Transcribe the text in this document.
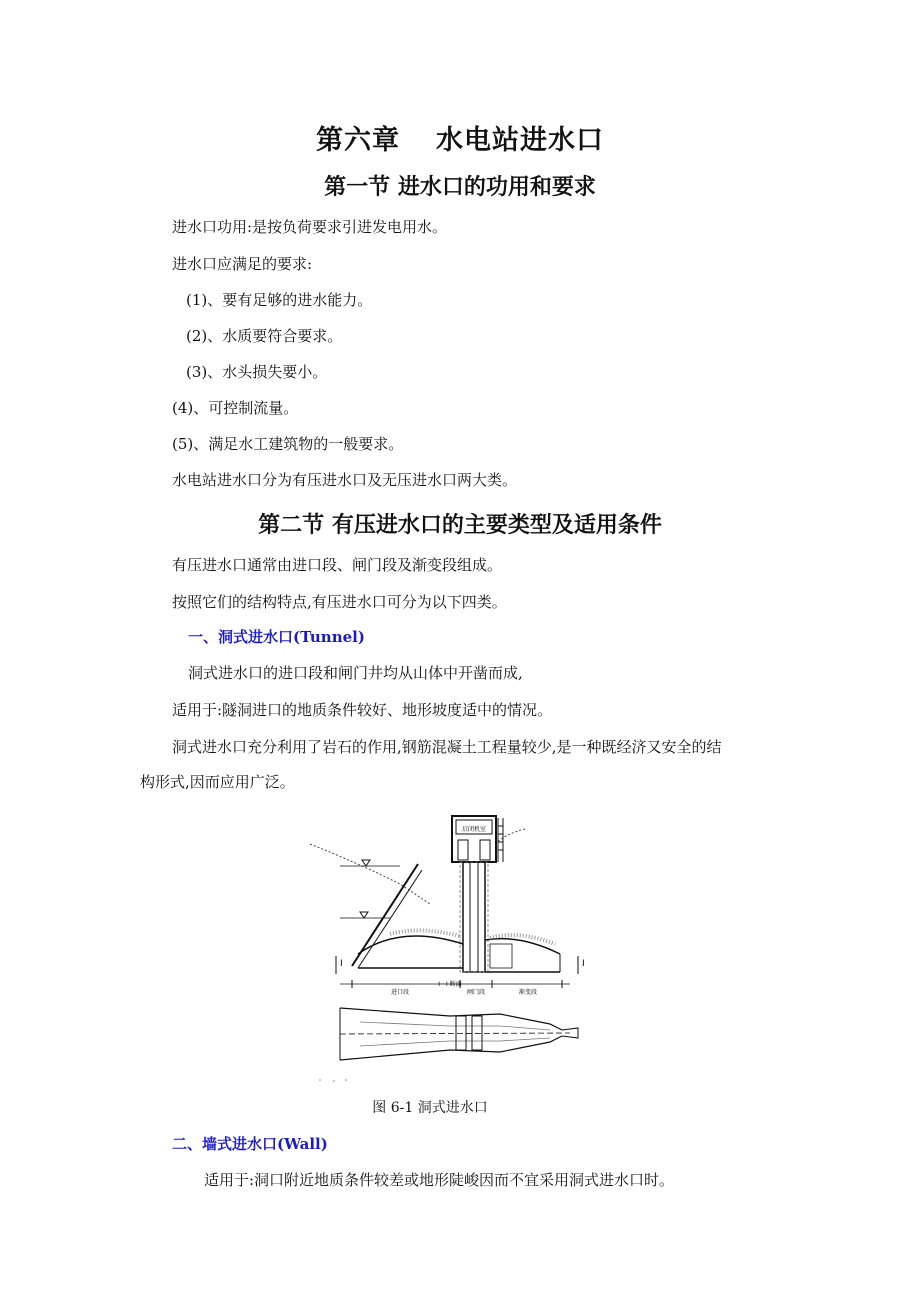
第六章 水电站进水口
第一节 进水口的功用和要求
进水口功用:是按负荷要求引进发电用水。
进水口应满足的要求:
(1)、要有足够的进水能力。
(2)、水质要符合要求。
(3)、水头损失要小。
(4)、可控制流量。
(5)、满足水工建筑物的一般要求。
水电站进水口分为有压进水口及无压进水口两大类。
第二节 有压进水口的主要类型及适用条件
有压进水口通常由进口段、闸门段及渐变段组成。
按照它们的结构特点,有压进水口可分为以下四类。
一、洞式进水口(Tunnel)
洞式进水口的进口段和闸门井均从山体中开凿而成,
适用于:隧洞进口的地质条件较好、地形坡度适中的情况。
洞式进水口充分利用了岩石的作用,钢筋混凝土工程量较少,是一种既经济又安全的结
构形式,因而应用广泛。
启闭机室
I	I
进口段	闸门段	渐变段
I－I 断面
图 6-1 洞式进水口
二、墙式进水口(Wall)
适用于:洞口附近地质条件较差或地形陡峻因而不宜采用洞式进水口时。
